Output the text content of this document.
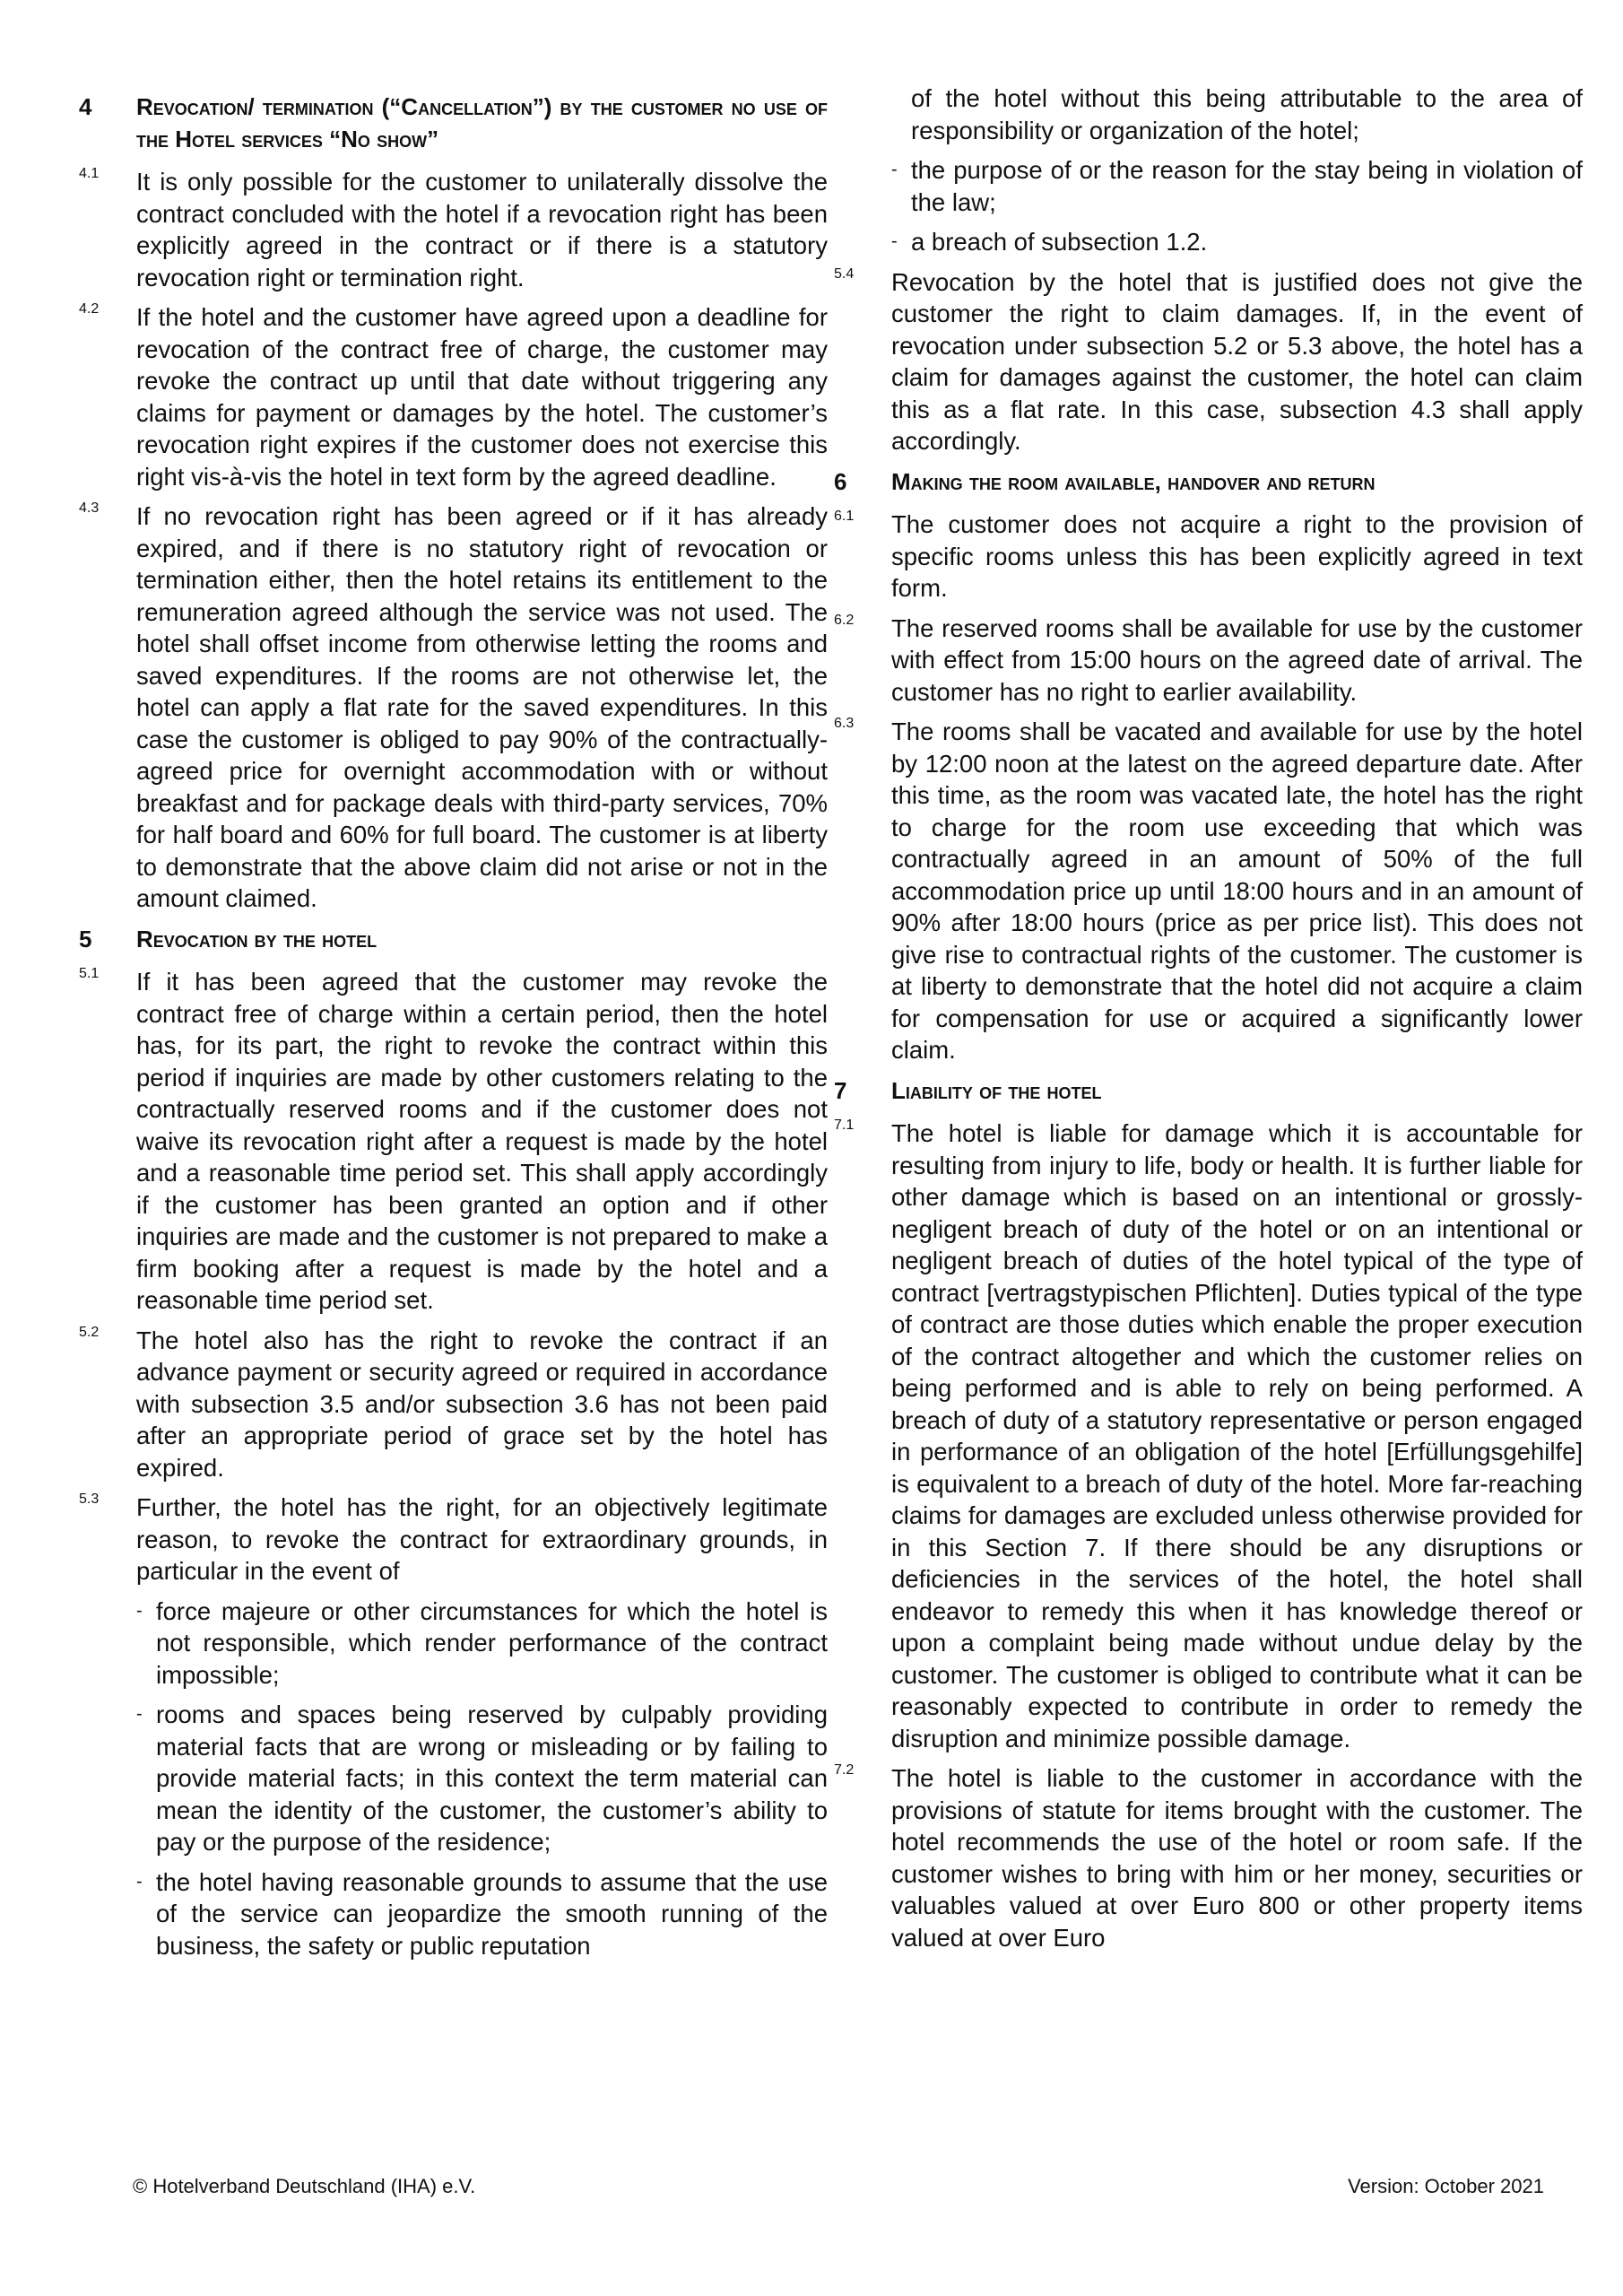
4	Revocation/ termination (“Cancellation”) by the customer no use of the Hotel services “No show”
4.1	It is only possible for the customer to unilaterally dissolve the contract concluded with the hotel if a revocation right has been explicitly agreed in the contract or if there is a statutory revocation right or termination right.
4.2	If the hotel and the customer have agreed upon a deadline for revocation of the contract free of charge, the customer may revoke the contract up until that date without triggering any claims for payment or damages by the hotel. The customer’s revocation right expires if the customer does not exercise this right vis-à-vis the hotel in text form by the agreed deadline.
4.3	If no revocation right has been agreed or if it has already expired, and if there is no statutory right of revocation or termination either, then the hotel retains its entitlement to the remuneration agreed although the service was not used. The hotel shall offset income from otherwise letting the rooms and saved expenditures. If the rooms are not otherwise let, the hotel can apply a flat rate for the saved expenditures. In this case the customer is obliged to pay 90% of the contractually-agreed price for overnight accommodation with or without breakfast and for package deals with third-party services, 70% for half board and 60% for full board. The customer is at liberty to demonstrate that the above claim did not arise or not in the amount claimed.
5	Revocation by the hotel
5.1	If it has been agreed that the customer may revoke the contract free of charge within a certain period, then the hotel has, for its part, the right to revoke the contract within this period if inquiries are made by other customers relating to the contractually reserved rooms and if the customer does not waive its revocation right after a request is made by the hotel and a reasonable time period set. This shall apply accordingly if the customer has been granted an option and if other inquiries are made and the customer is not prepared to make a firm booking after a request is made by the hotel and a reasonable time period set.
5.2	The hotel also has the right to revoke the contract if an advance payment or security agreed or required in accordance with subsection 3.5 and/or subsection 3.6 has not been paid after an appropriate period of grace set by the hotel has expired.
5.3	Further, the hotel has the right, for an objectively legitimate reason, to revoke the contract for extraordinary grounds, in particular in the event of
- force majeure or other circumstances for which the hotel is not responsible, which render performance of the contract impossible;
- rooms and spaces being reserved by culpably providing material facts that are wrong or misleading or by failing to provide material facts; in this context the term material can mean the identity of the customer, the customer’s ability to pay or the purpose of the residence;
- the hotel having reasonable grounds to assume that the use of the service can jeopardize the smooth running of the business, the safety or public reputation
of the hotel without this being attributable to the area of responsibility or organization of the hotel;
- the purpose of or the reason for the stay being in violation of the law;
- a breach of subsection 1.2.
5.4	Revocation by the hotel that is justified does not give the customer the right to claim damages. If, in the event of revocation under subsection 5.2 or 5.3 above, the hotel has a claim for damages against the customer, the hotel can claim this as a flat rate. In this case, subsection 4.3 shall apply accordingly.
6	Making the room available, handover and return
6.1	The customer does not acquire a right to the provision of specific rooms unless this has been explicitly agreed in text form.
6.2	The reserved rooms shall be available for use by the customer with effect from 15:00 hours on the agreed date of arrival. The customer has no right to earlier availability.
6.3	The rooms shall be vacated and available for use by the hotel by 12:00 noon at the latest on the agreed departure date. After this time, as the room was vacated late, the hotel has the right to charge for the room use exceeding that which was contractually agreed in an amount of 50% of the full accommodation price up until 18:00 hours and in an amount of 90% after 18:00 hours (price as per price list). This does not give rise to contractual rights of the customer. The customer is at liberty to demonstrate that the hotel did not acquire a claim for compensation for use or acquired a significantly lower claim.
7	Liability of the hotel
7.1	The hotel is liable for damage which it is accountable for resulting from injury to life, body or health. It is further liable for other damage which is based on an intentional or grossly-negligent breach of duty of the hotel or on an intentional or negligent breach of duties of the hotel typical of the type of contract [vertragstypischen Pflichten]. Duties typical of the type of contract are those duties which enable the proper execution of the contract altogether and which the customer relies on being performed and is able to rely on being performed. A breach of duty of a statutory representative or person engaged in performance of an obligation of the hotel [Erfüllungsgehilfe] is equivalent to a breach of duty of the hotel. More far-reaching claims for damages are excluded unless otherwise provided for in this Section 7. If there should be any disruptions or deficiencies in the services of the hotel, the hotel shall endeavor to remedy this when it has knowledge thereof or upon a complaint being made without undue delay by the customer. The customer is obliged to contribute what it can be reasonably expected to contribute in order to remedy the disruption and minimize possible damage.
7.2	The hotel is liable to the customer in accordance with the provisions of statute for items brought with the customer. The hotel recommends the use of the hotel or room safe. If the customer wishes to bring with him or her money, securities or valuables valued at over Euro 800 or other property items valued at over Euro
© Hotelverband Deutschland (IHA) e.V.	Version: October 2021
